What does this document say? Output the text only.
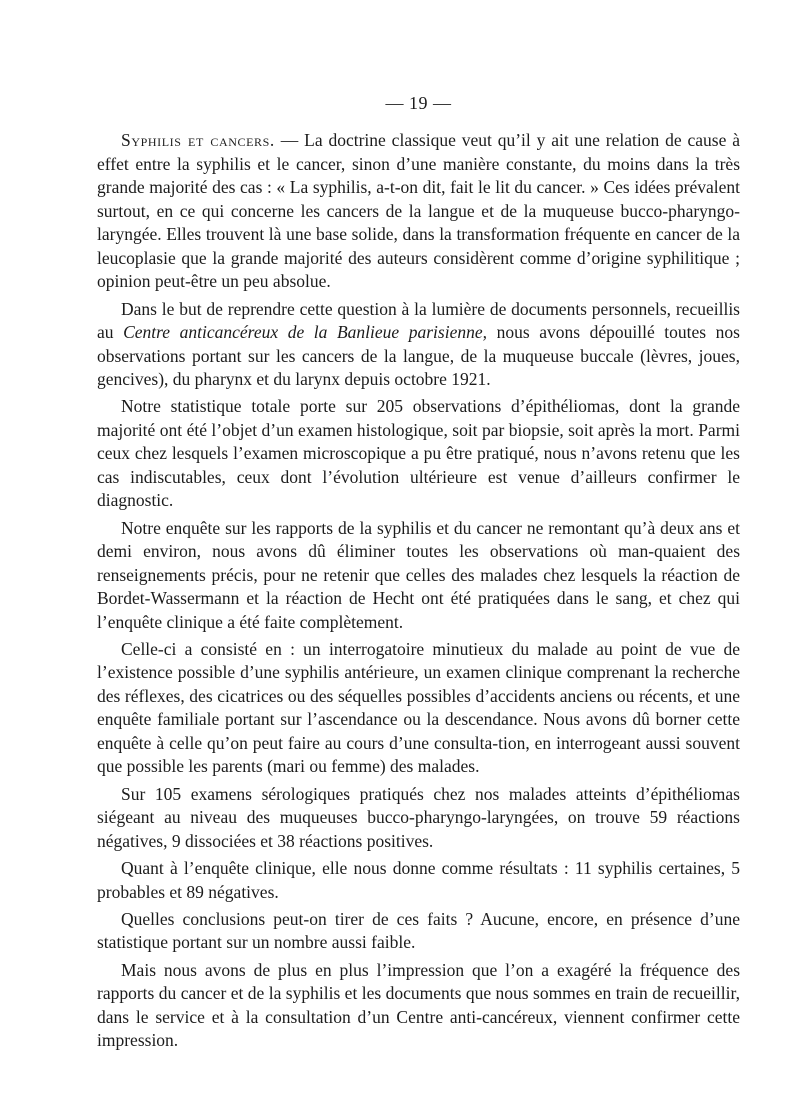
— 19 —

Syphilis et cancers. — La doctrine classique veut qu’il y ait une relation de cause à effet entre la syphilis et le cancer, sinon d’une manière constante, du moins dans la très grande majorité des cas : « La syphilis, a-t-on dit, fait le lit du cancer. » Ces idées prévalent surtout, en ce qui concerne les cancers de la langue et de la muqueuse bucco-pharyngo-laryngée. Elles trouvent là une base solide, dans la transformation fréquente en cancer de la leucoplasie que la grande majorité des auteurs considèrent comme d’origine syphilitique ; opinion peut-être un peu absolue.

Dans le but de reprendre cette question à la lumière de documents personnels, recueillis au Centre anticancéreux de la Banlieue parisienne, nous avons dépouillé toutes nos observations portant sur les cancers de la langue, de la muqueuse buccale (lèvres, joues, gencives), du pharynx et du larynx depuis octobre 1921.

Notre statistique totale porte sur 205 observations d’épithéliomas, dont la grande majorité ont été l’objet d’un examen histologique, soit par biopsie, soit après la mort. Parmi ceux chez lesquels l’examen microscopique a pu être pratiqué, nous n’avons retenu que les cas indiscutables, ceux dont l’évolution ultérieure est venue d’ailleurs confirmer le diagnostic.

Notre enquête sur les rapports de la syphilis et du cancer ne remontant qu’à deux ans et demi environ, nous avons dû éliminer toutes les observations où man-quaient des renseignements précis, pour ne retenir que celles des malades chez lesquels la réaction de Bordet-Wassermann et la réaction de Hecht ont été pratiquées dans le sang, et chez qui l’enquête clinique a été faite complètement.

Celle-ci a consisté en : un interrogatoire minutieux du malade au point de vue de l’existence possible d’une syphilis antérieure, un examen clinique comprenant la recherche des réflexes, des cicatrices ou des séquelles possibles d’accidents anciens ou récents, et une enquête familiale portant sur l’ascendance ou la descendance. Nous avons dû borner cette enquête à celle qu’on peut faire au cours d’une consulta-tion, en interrogeant aussi souvent que possible les parents (mari ou femme) des malades.

Sur 105 examens sérologiques pratiqués chez nos malades atteints d’épithéliomas siégeant au niveau des muqueuses bucco-pharyngo-laryngées, on trouve 59 réactions négatives, 9 dissociées et 38 réactions positives.

Quant à l’enquête clinique, elle nous donne comme résultats : 11 syphilis certaines, 5 probables et 89 négatives.

Quelles conclusions peut-on tirer de ces faits ? Aucune, encore, en présence d’une statistique portant sur un nombre aussi faible.

Mais nous avons de plus en plus l’impression que l’on a exagéré la fréquence des rapports du cancer et de la syphilis et les documents que nous sommes en train de recueillir, dans le service et à la consultation d’un Centre anti-cancéreux, viennent confirmer cette impression.
